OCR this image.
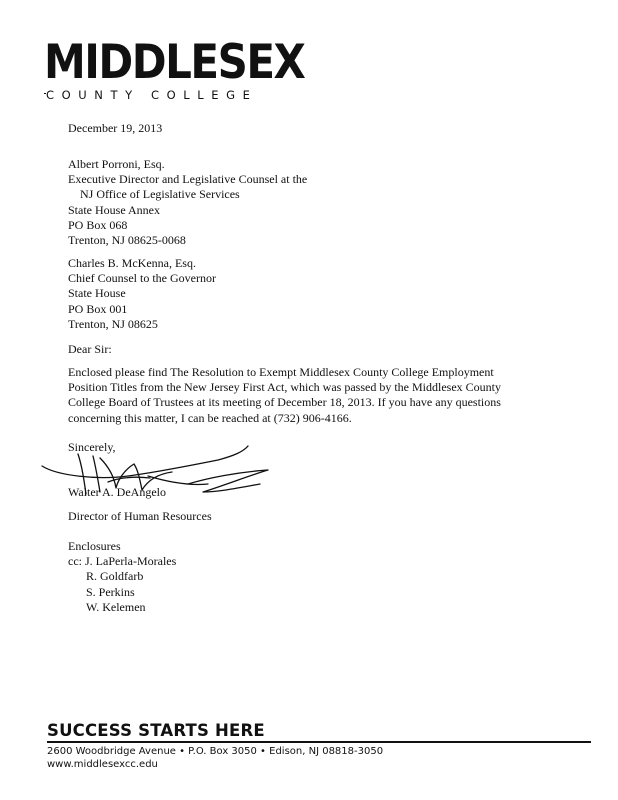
MIDDLESEX
COUNTY COLLEGE
December 19, 2013
Albert Porroni, Esq.
Executive Director and Legislative Counsel at the
NJ Office of Legislative Services
State House Annex
PO Box 068
Trenton, NJ 08625-0068
Charles B. McKenna, Esq.
Chief Counsel to the Governor
State House
PO Box 001
Trenton, NJ 08625
Dear Sir:
Enclosed please find The Resolution to Exempt Middlesex County College Employment
Position Titles from the New Jersey First Act, which was passed by the Middlesex County
College Board of Trustees at its meeting of December 18, 2013. If you have any questions
concerning this matter, I can be reached at (732) 906-4166.
Sincerely,
Walter A. DeAngelo
Director of Human Resources
Enclosures
cc: J. LaPerla-Morales
R. Goldfarb
S. Perkins
W. Kelemen
SUCCESS STARTS HERE
2600 Woodbridge Avenue • P.O. Box 3050 • Edison, NJ 08818-3050
www.middlesexcc.edu
